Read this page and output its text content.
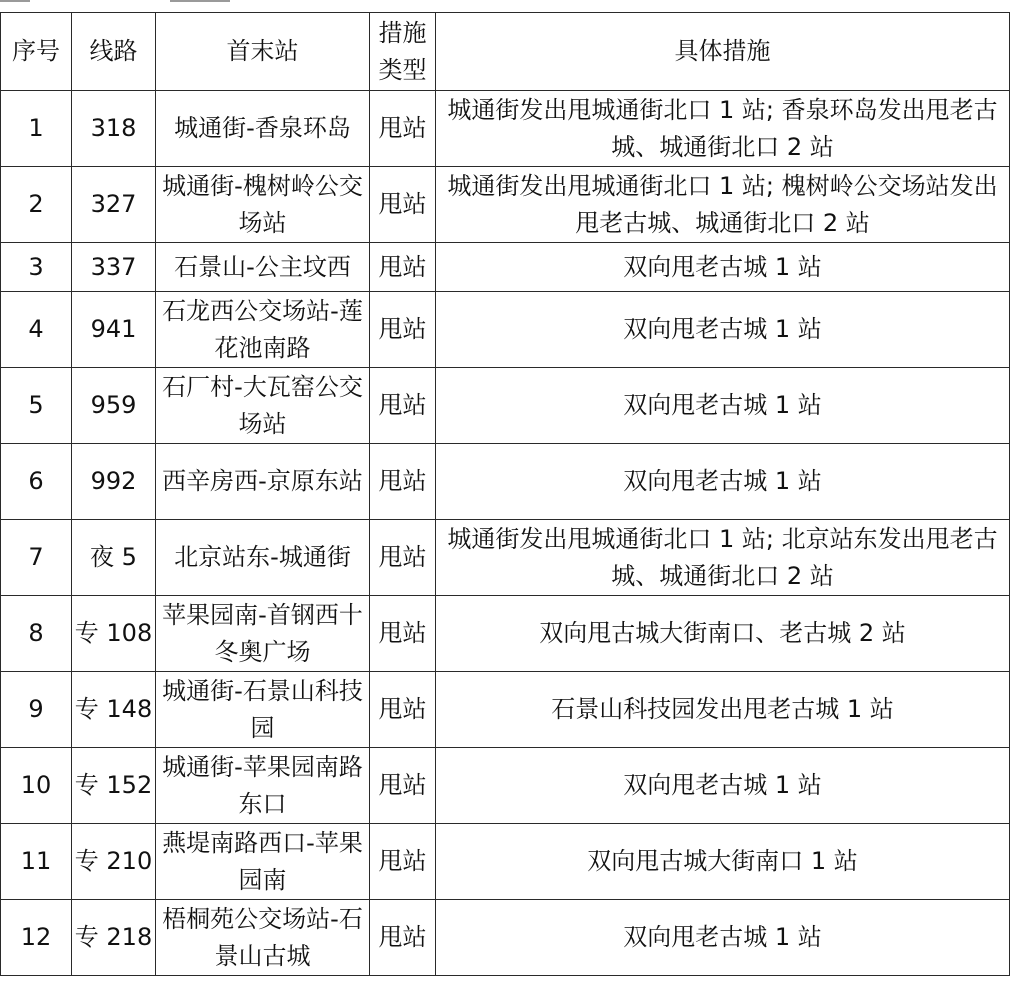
序号	线路	首末站	措施类型	具体措施
1	318	城通街-香泉环岛	甩站	城通街发出甩城通街北口 1 站; 香泉环岛发出甩老古城、城通街北口 2 站
2	327	城通街-槐树岭公交场站	甩站	城通街发出甩城通街北口 1 站; 槐树岭公交场站发出甩老古城、城通街北口 2 站
3	337	石景山-公主坟西	甩站	双向甩老古城 1 站
4	941	石龙西公交场站-莲花池南路	甩站	双向甩老古城 1 站
5	959	石厂村-大瓦窑公交场站	甩站	双向甩老古城 1 站
6	992	西辛房西-京原东站	甩站	双向甩老古城 1 站
7	夜 5	北京站东-城通街	甩站	城通街发出甩城通街北口 1 站; 北京站东发出甩老古城、城通街北口 2 站
8	专 108	苹果园南-首钢西十冬奥广场	甩站	双向甩古城大街南口、老古城 2 站
9	专 148	城通街-石景山科技园	甩站	石景山科技园发出甩老古城 1 站
10	专 152	城通街-苹果园南路东口	甩站	双向甩老古城 1 站
11	专 210	燕堤南路西口-苹果园南	甩站	双向甩古城大街南口 1 站
12	专 218	梧桐苑公交场站-石景山古城	甩站	双向甩老古城 1 站
